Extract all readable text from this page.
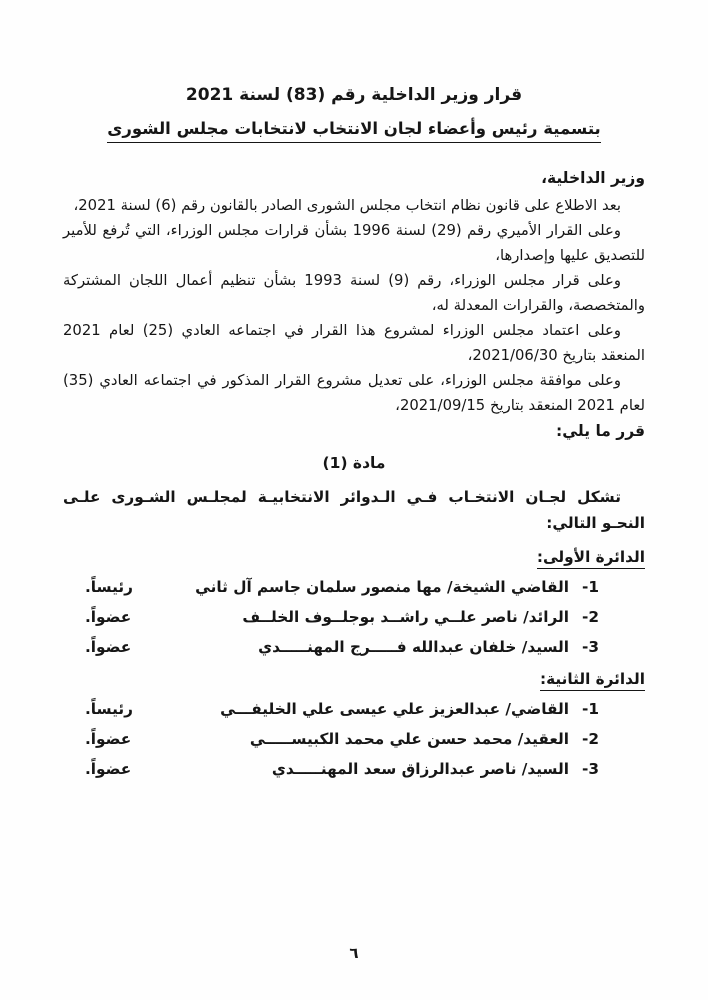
قرار وزير الداخلية رقم (83) لسنة 2021
بتسمية رئيس وأعضاء لجان الانتخاب لانتخابات مجلس الشورى
وزير الداخلية،

بعد الاطلاع على قانون نظام انتخاب مجلس الشورى الصادر بالقانون رقم (6) لسنة 2021،

وعلى القرار الأميري رقم (29) لسنة 1996 بشأن قرارات مجلس الوزراء، التي تُرفع للأمير للتصديق عليها وإصدارها،

وعلى قرار مجلس الوزراء، رقم (9) لسنة 1993 بشأن تنظيم أعمال اللجان المشتركة والمتخصصة، والقرارات المعدلة له،

وعلى اعتماد مجلس الوزراء لمشروع هذا القرار في اجتماعه العادي (25) لعام 2021 المنعقد بتاريخ 2021/06/30،

وعلى موافقة مجلس الوزراء، على تعديل مشروع القرار المذكور في اجتماعه العادي (35) لعام 2021 المنعقد بتاريخ 2021/09/15،

قرر ما يلي:
مادة (1)

تشكل لجـان الانتخـاب فـي الـدوائر الانتخابيـة لمجلـس الشـورى علـى النحـو التالي:

الدائرة الأولى:
1-
القاضي الشيخة/ مها منصور سلمان جاسم آل ثاني
رئيساً.
2-
الرائد/ ناصر علــي راشــد بوجلــوف الخلــف
عضواً.
3-
السيد/ خلفان عبدالله فـــــرج المهنـــــدي
عضواً.
الدائرة الثانية:
1-
القاضي/ عبدالعزيز علي عيسى علي الخليفـــي
رئيساً.
2-
العقيد/ محمد حسن علي محمد الكبيســـــي
عضواً.
3-
السيد/ ناصر عبدالرزاق سعد المهنـــــدي
عضواً.
٦
